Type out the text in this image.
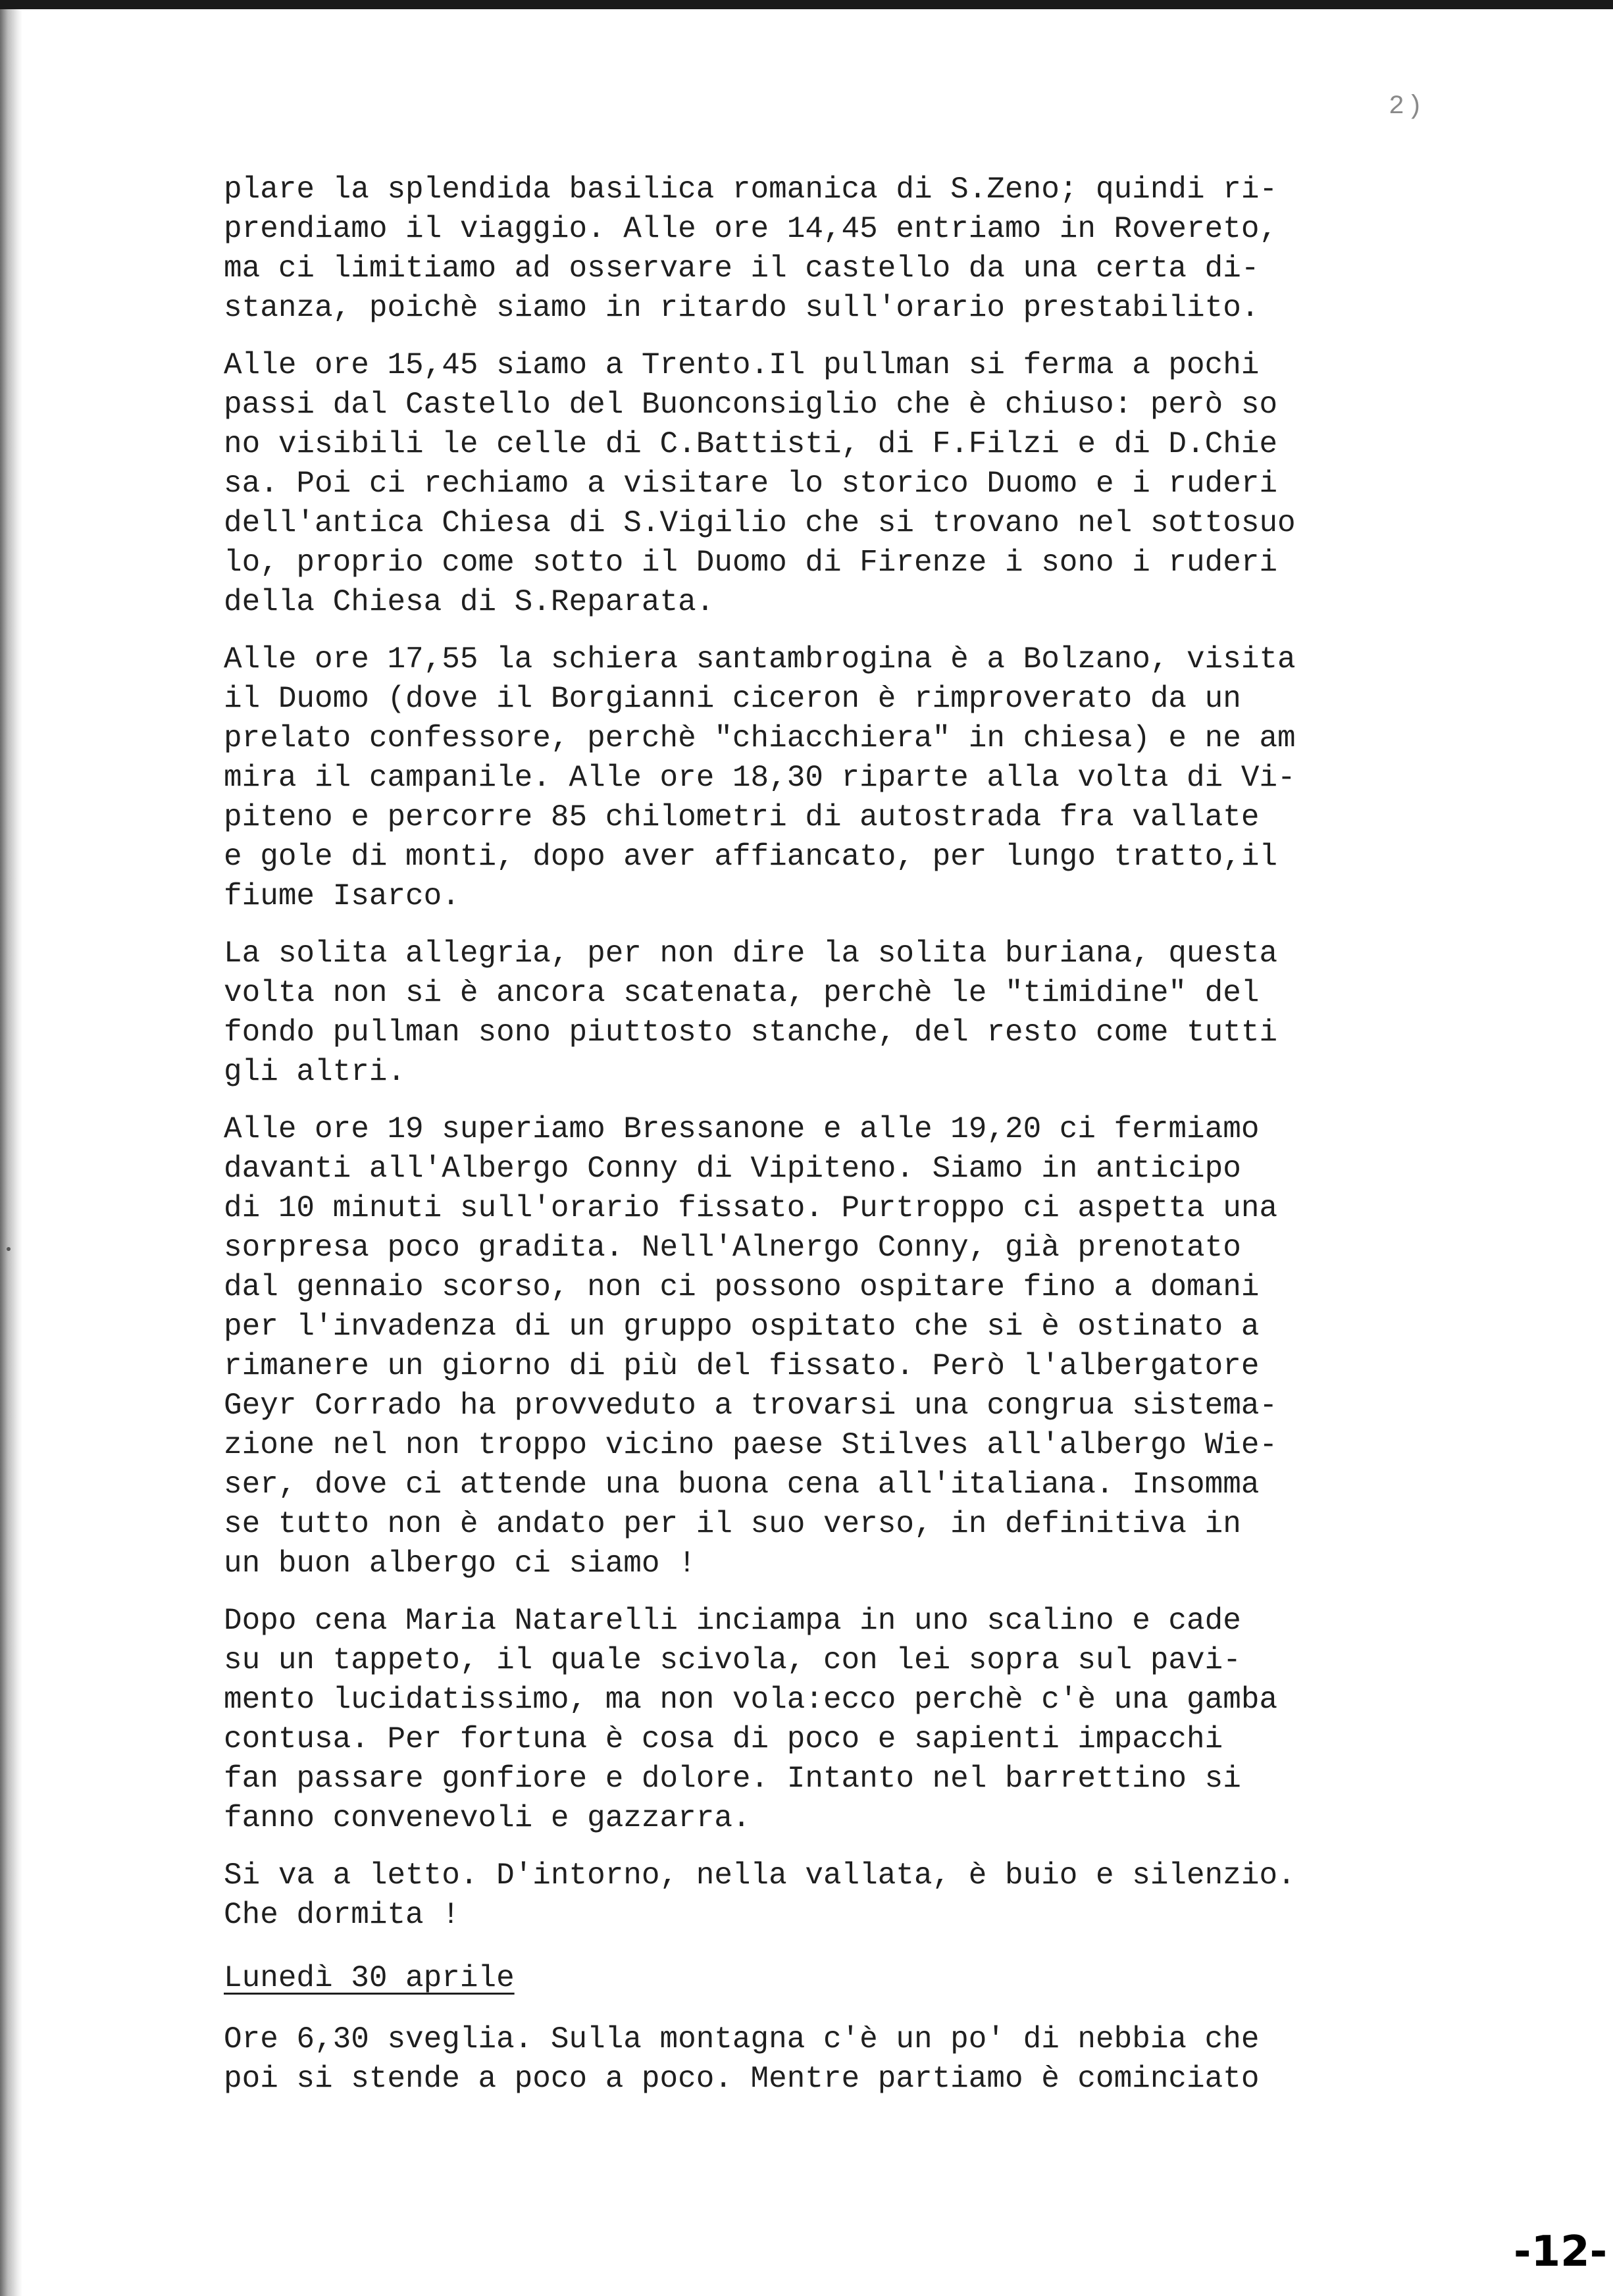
2)
plare la splendida basilica romanica di S.Zeno; quindi ri-
prendiamo il viaggio. Alle ore 14,45 entriamo in Rovereto,
ma ci limitiamo ad osservare il castello da una certa di-
stanza, poichè siamo in ritardo sull'orario prestabilito.
Alle ore 15,45 siamo a Trento.Il pullman si ferma a pochi
passi dal Castello del Buonconsiglio che è chiuso: però so
no visibili le celle di C.Battisti, di F.Filzi e di D.Chie
sa. Poi ci rechiamo a visitare lo storico Duomo e i ruderi
dell'antica Chiesa di S.Vigilio che si trovano nel sottosuo
lo, proprio come sotto il Duomo di Firenze i sono i ruderi
della Chiesa di S.Reparata.
Alle ore 17,55 la schiera santambrogina è a Bolzano, visita
il Duomo (dove il Borgianni ciceron è rimproverato da un
prelato confessore, perchè "chiacchiera" in chiesa) e ne am
mira il campanile. Alle ore 18,30 riparte alla volta di Vi-
piteno e percorre 85 chilometri di autostrada fra vallate
e gole di monti, dopo aver affiancato, per lungo tratto,il
fiume Isarco.
La solita allegria, per non dire la solita buriana, questa
volta non si è ancora scatenata, perchè le "timidine" del
fondo pullman sono piuttosto stanche, del resto come tutti
gli altri.
Alle ore 19 superiamo Bressanone e alle 19,20 ci fermiamo
davanti all'Albergo Conny di Vipiteno. Siamo in anticipo
di 10 minuti sull'orario fissato. Purtroppo ci aspetta una
sorpresa poco gradita. Nell'Alnergo Conny, già prenotato
dal gennaio scorso, non ci possono ospitare fino a domani
per l'invadenza di un gruppo ospitato che si è ostinato a
rimanere un giorno di più del fissato. Però l'albergatore
Geyr Corrado ha provveduto a trovarsi una congrua sistema-
zione nel non troppo vicino paese Stilves all'albergo Wie-
ser, dove ci attende una buona cena all'italiana. Insomma
se tutto non è andato per il suo verso, in definitiva in
un buon albergo ci siamo !
Dopo cena Maria Natarelli inciampa in uno scalino e cade
su un tappeto, il quale scivola, con lei sopra sul pavi-
mento lucidatissimo, ma non vola:ecco perchè c'è una gamba
contusa. Per fortuna è cosa di poco e sapienti impacchi
fan passare gonfiore e dolore. Intanto nel barrettino si
fanno convenevoli e gazzarra.
Si va a letto. D'intorno, nella vallata, è buio e silenzio.
Che dormita !
Lunedì 30 aprile
Ore 6,30 sveglia. Sulla montagna c'è un po' di nebbia che
poi si stende a poco a poco. Mentre partiamo è cominciato
-12-
